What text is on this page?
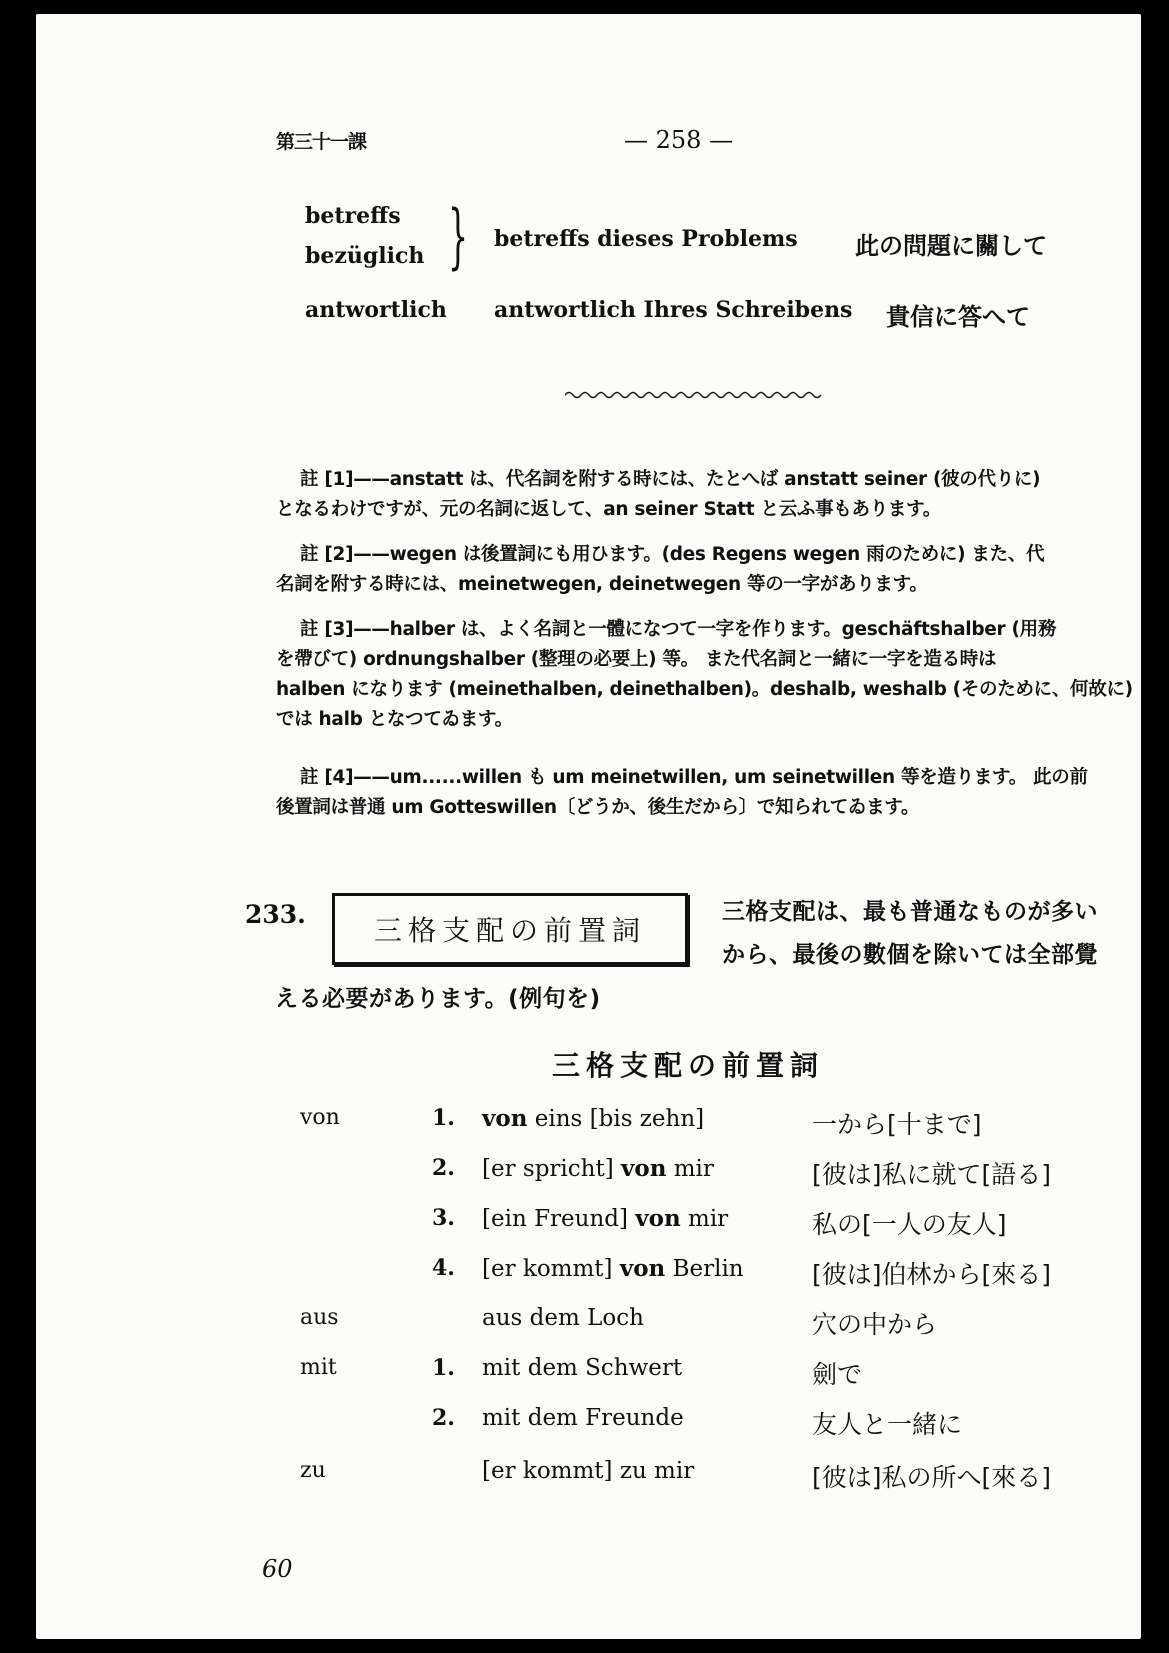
第三十一課	— 258 —
betreffs
bezüglich } betreffs dieses Problems 此の問題に關して
antwortlich antwortlich Ihres Schreibens 貴信に答へて
註 [1]——anstatt は、代名詞を附する時には、たとへば anstatt seiner (彼の代りに)
となるわけですが、元の名詞に返して、an seiner Statt と云ふ事もあります。
註 [2]——wegen は後置詞にも用ひます。(des Regens wegen 雨のために) また、代
名詞を附する時には、meinetwegen, deinetwegen 等の一字があります。
註 [3]——halber は、よく名詞と一體になつて一字を作ります。geschäftshalber (用務
を帶びて) ordnungshalber (整理の必要上) 等。 また代名詞と一緒に一字を造る時は
halben になります (meinethalben, deinethalben)。deshalb, weshalb (そのために、何故に)
では halb となつてゐます。
註 [4]——um......willen も um meinetwillen, um seinetwillen 等を造ります。 此の前
後置詞は普通 um Gotteswillen〔どうか、後生だから〕で知られてゐます。
233. 三格支配の前置詞
三格支配は、最も普通なものが多い
から、最後の數個を除いては全部覺
える必要があります。(例句を)
三格支配の前置詞
von	1. von eins [bis zehn]	一から[十まで]
2. [er spricht] von mir	[彼は]私に就て[語る]
3. [ein Freund] von mir	私の[一人の友人]
4. [er kommt] von Berlin	[彼は]伯林から[來る]
aus	aus dem Loch	穴の中から
mit	1. mit dem Schwert	劍で
2. mit dem Freunde	友人と一緒に
zu	[er kommt] zu mir	[彼は]私の所へ[來る]
60
